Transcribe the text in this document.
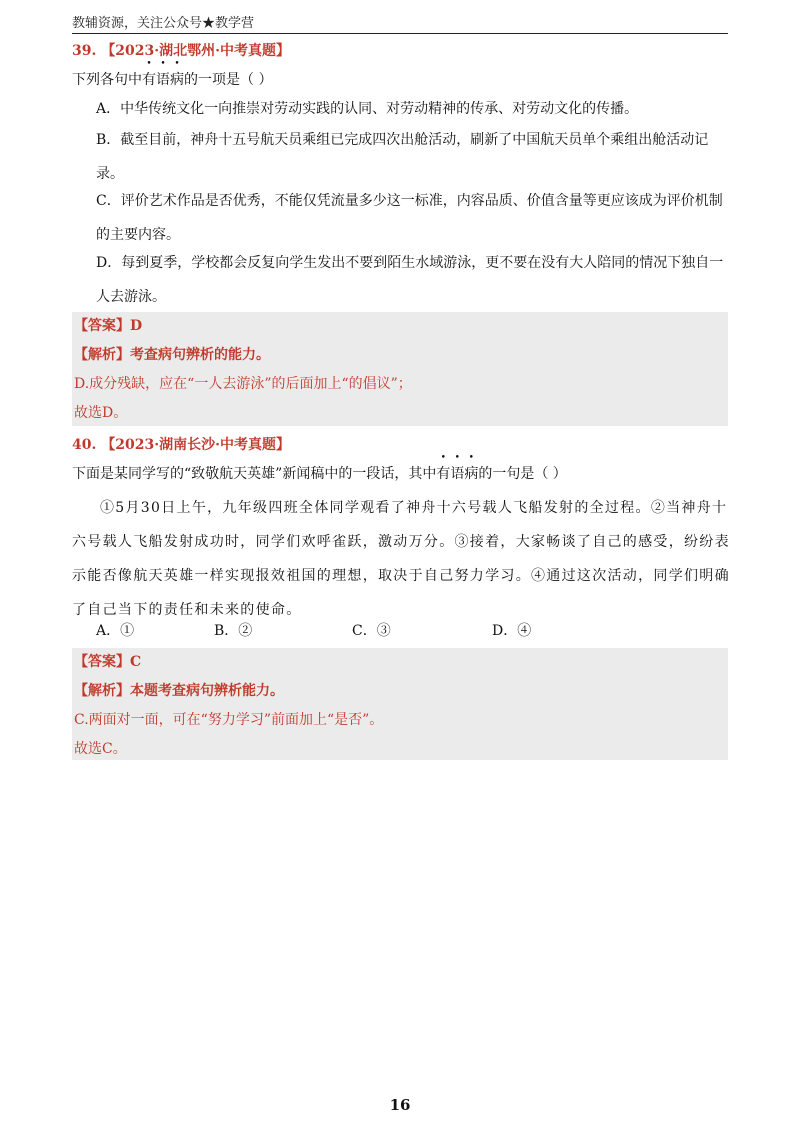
教辅资源，关注公众号★教学营
39. 【2023·湖北鄂州·中考真题】
下列各句中有语病的一项是（ ）
A．中华传统文化一向推崇对劳动实践的认同、对劳动精神的传承、对劳动文化的传播。
B．截至目前，神舟十五号航天员乘组已完成四次出舱活动，刷新了中国航天员单个乘组出舱活动记录。
C．评价艺术作品是否优秀，不能仅凭流量多少这一标准，内容品质、价值含量等更应该成为评价机制的主要内容。
D．每到夏季，学校都会反复向学生发出不要到陌生水域游泳，更不要在没有大人陪同的情况下独自一人去游泳。
【答案】D
【解析】考查病句辨析的能力。
D.成分残缺，应在“一人去游泳”的后面加上“的倡议”；
故选D。
40. 【2023·湖南长沙·中考真题】
下面是某同学写的“致敬航天英雄”新闻稿中的一段话，其中有语病的一句是（ ）
①5月30日上午，九年级四班全体同学观看了神舟十六号载人飞船发射的全过程。②当神舟十六号载人飞船发射成功时，同学们欢呼雀跃，激动万分。③接着，大家畅谈了自己的感受，纷纷表示能否像航天英雄一样实现报效祖国的理想，取决于自己努力学习。④通过这次活动，同学们明确了自己当下的责任和未来的使命。
A．①	B．②	C．③	D．④
【答案】C
【解析】本题考查病句辨析能力。
C.两面对一面，可在“努力学习”前面加上“是否”。
故选C。
16
